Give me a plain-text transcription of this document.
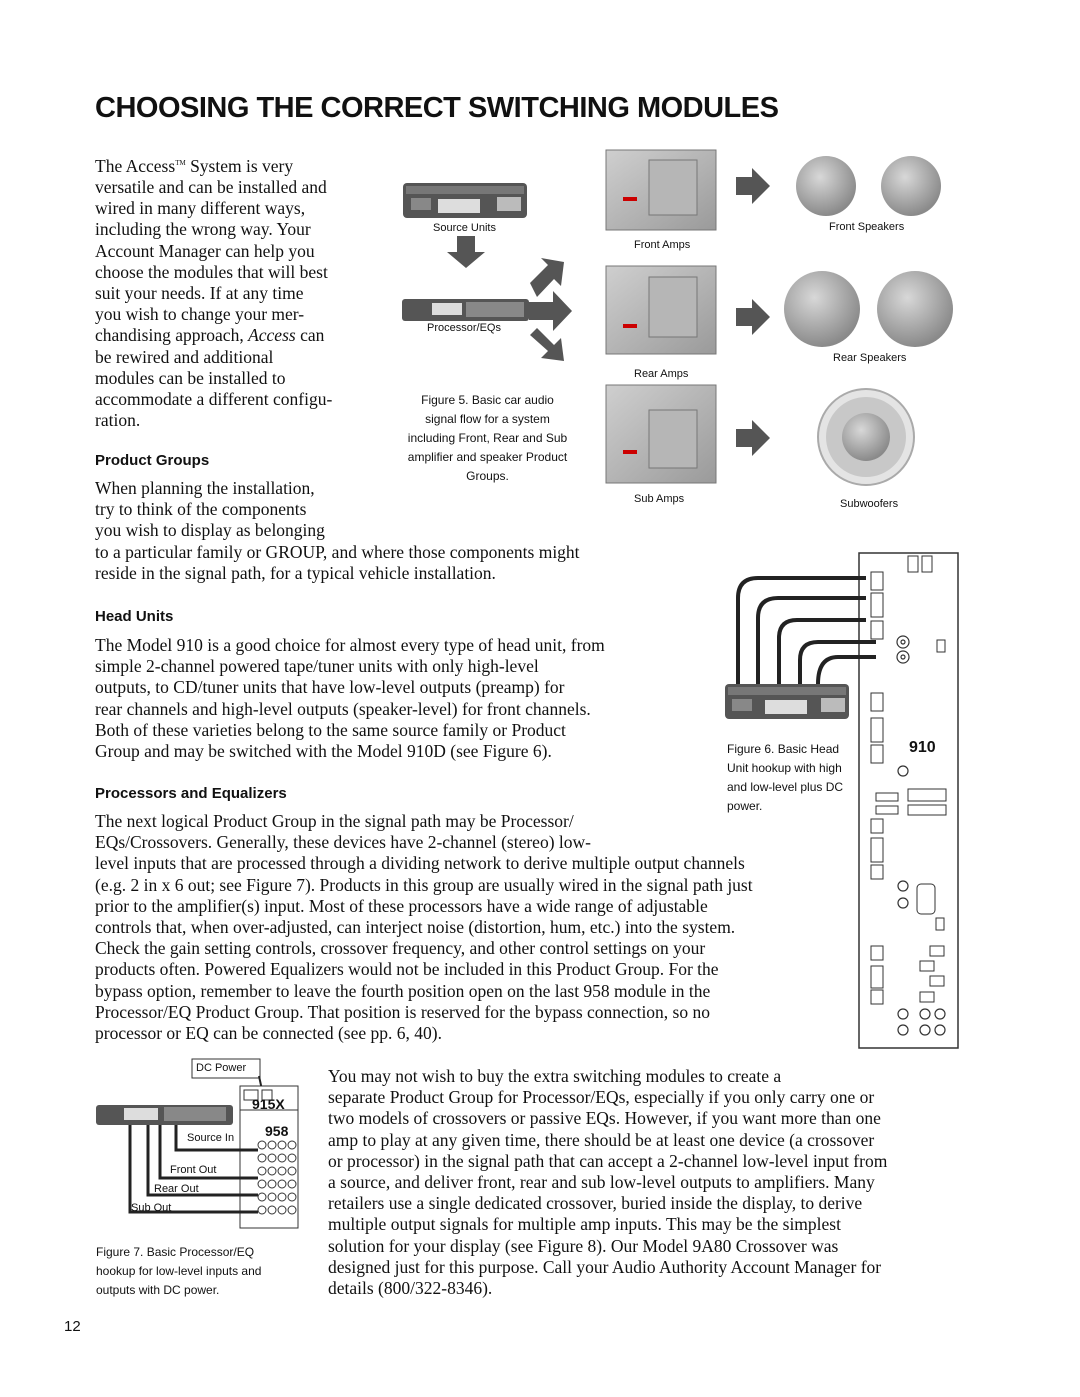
CHOOSING THE CORRECT SWITCHING MODULES
The Access™ System is very
versatile and can be installed and
wired in many different ways,
including the wrong way. Your
Account Manager can help you
choose the modules that will best
suit your needs. If at any time
you wish to change your mer-
chandising approach, Access can
be rewired and additional
modules can be installed to
accommodate a different configu-
ration.
Product Groups
When planning the installation,
try to think of the components
you wish to display as belonging
to a particular family or GROUP, and where those components might
reside in the signal path, for a typical vehicle installation.
Head Units
The Model 910 is a good choice for almost every type of head unit, from
simple 2-channel powered tape/tuner units with only high-level
outputs, to CD/tuner units that have low-level outputs (preamp) for
rear channels and high-level outputs (speaker-level) for front channels.
Both of these varieties belong to the same source family or Product
Group and may be switched with the Model 910D (see Figure 6).
Processors and Equalizers
The next logical Product Group in the signal path may be Processor/
EQs/Crossovers. Generally, these devices have 2-channel (stereo) low-
level inputs that are processed through a dividing network to derive multiple output channels
(e.g. 2 in x 6 out; see Figure 7). Products in this group are usually wired in the signal path just
prior to the amplifier(s) input. Most of these processors have a wide range of adjustable
controls that, when over-adjusted, can interject noise (distortion, hum, etc.) into the system.
Check the gain setting controls, crossover frequency, and other control settings on your
products often. Powered Equalizers would not be included in this Product Group. For the
bypass option, remember to leave the fourth position open on the last 958 module in the
Processor/EQ Product Group. That position is reserved for the bypass connection, so no
processor or EQ can be connected (see pp. 6, 40).
You may not wish to buy the extra switching modules to create a
separate Product Group for Processor/EQs, especially if you only carry one or
two models of crossovers or passive EQs. However, if you want more than one
amp to play at any given time, there should be at least one device (a crossover
or processor) in the signal path that can accept a 2-channel low-level input from
a source, and deliver front, rear and sub low-level outputs to amplifiers. Many
retailers use a single dedicated crossover, buried inside the display, to derive
multiple output signals for multiple amp inputs. This may be the simplest
solution for your display (see Figure 8). Our Model 9A80 Crossover was
designed just for this purpose. Call your Audio Authority Account Manager for
details (800/322-8346).
12
Source Units
Processor/EQs
Front Amps
Rear Amps
Sub Amps
Front Speakers
Rear Speakers
Subwoofers
Figure 5. Basic car audio
signal flow for a system
including Front, Rear and Sub
amplifier and speaker Product
Groups.
910
Figure 6. Basic Head
Unit hookup with high
and low-level plus DC
power.
DC Power
915X
958
Source In
Front Out
Rear Out
Sub Out
Figure 7. Basic Processor/EQ
hookup for low-level inputs and
outputs with DC power.
